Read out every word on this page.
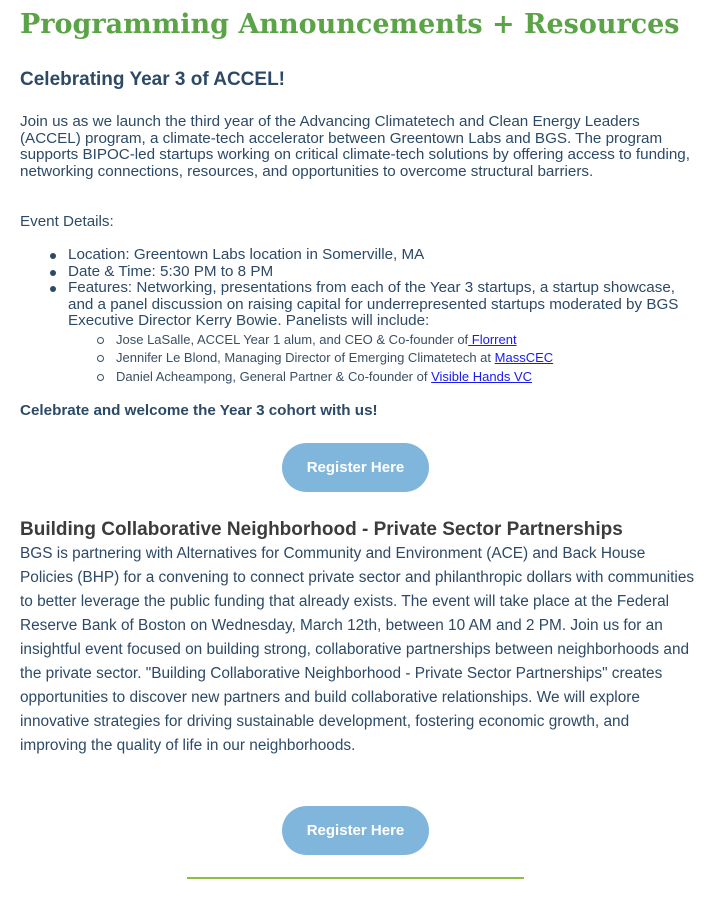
Programming Announcements + Resources
Celebrating Year 3 of ACCEL!

Join us as we launch the third year of the Advancing Climatetech and Clean Energy Leaders (ACCEL) program, a climate-tech accelerator between Greentown Labs and BGS. The program supports BIPOC-led startups working on critical climate-tech solutions by offering access to funding, networking connections, resources, and opportunities to overcome structural barriers.

Event Details:

Location: Greentown Labs location in Somerville, MA
Date & Time: 5:30 PM to 8 PM
Features: Networking, presentations from each of the Year 3 startups, a startup showcase, and a panel discussion on raising capital for underrepresented startups moderated by BGS Executive Director Kerry Bowie. Panelists will include:
Jose LaSalle, ACCEL Year 1 alum, and CEO & Co-founder of Florrent
Jennifer Le Blond, Managing Director of Emerging Climatetech at MassCEC
Daniel Acheampong, General Partner & Co-founder of Visible Hands VC

Celebrate and welcome the Year 3 cohort with us!

Register Here
Building Collaborative Neighborhood - Private Sector Partnerships

BGS is partnering with Alternatives for Community and Environment (ACE) and Back House Policies (BHP) for a convening to connect private sector and philanthropic dollars with communities to better leverage the public funding that already exists. The event will take place at the Federal Reserve Bank of Boston on Wednesday, March 12th, between 10 AM and 2 PM. Join us for an insightful event focused on building strong, collaborative partnerships between neighborhoods and the private sector. "Building Collaborative Neighborhood - Private Sector Partnerships" creates opportunities to discover new partners and build collaborative relationships. We will explore innovative strategies for driving sustainable development, fostering economic growth, and improving the quality of life in our neighborhoods.

Register Here
